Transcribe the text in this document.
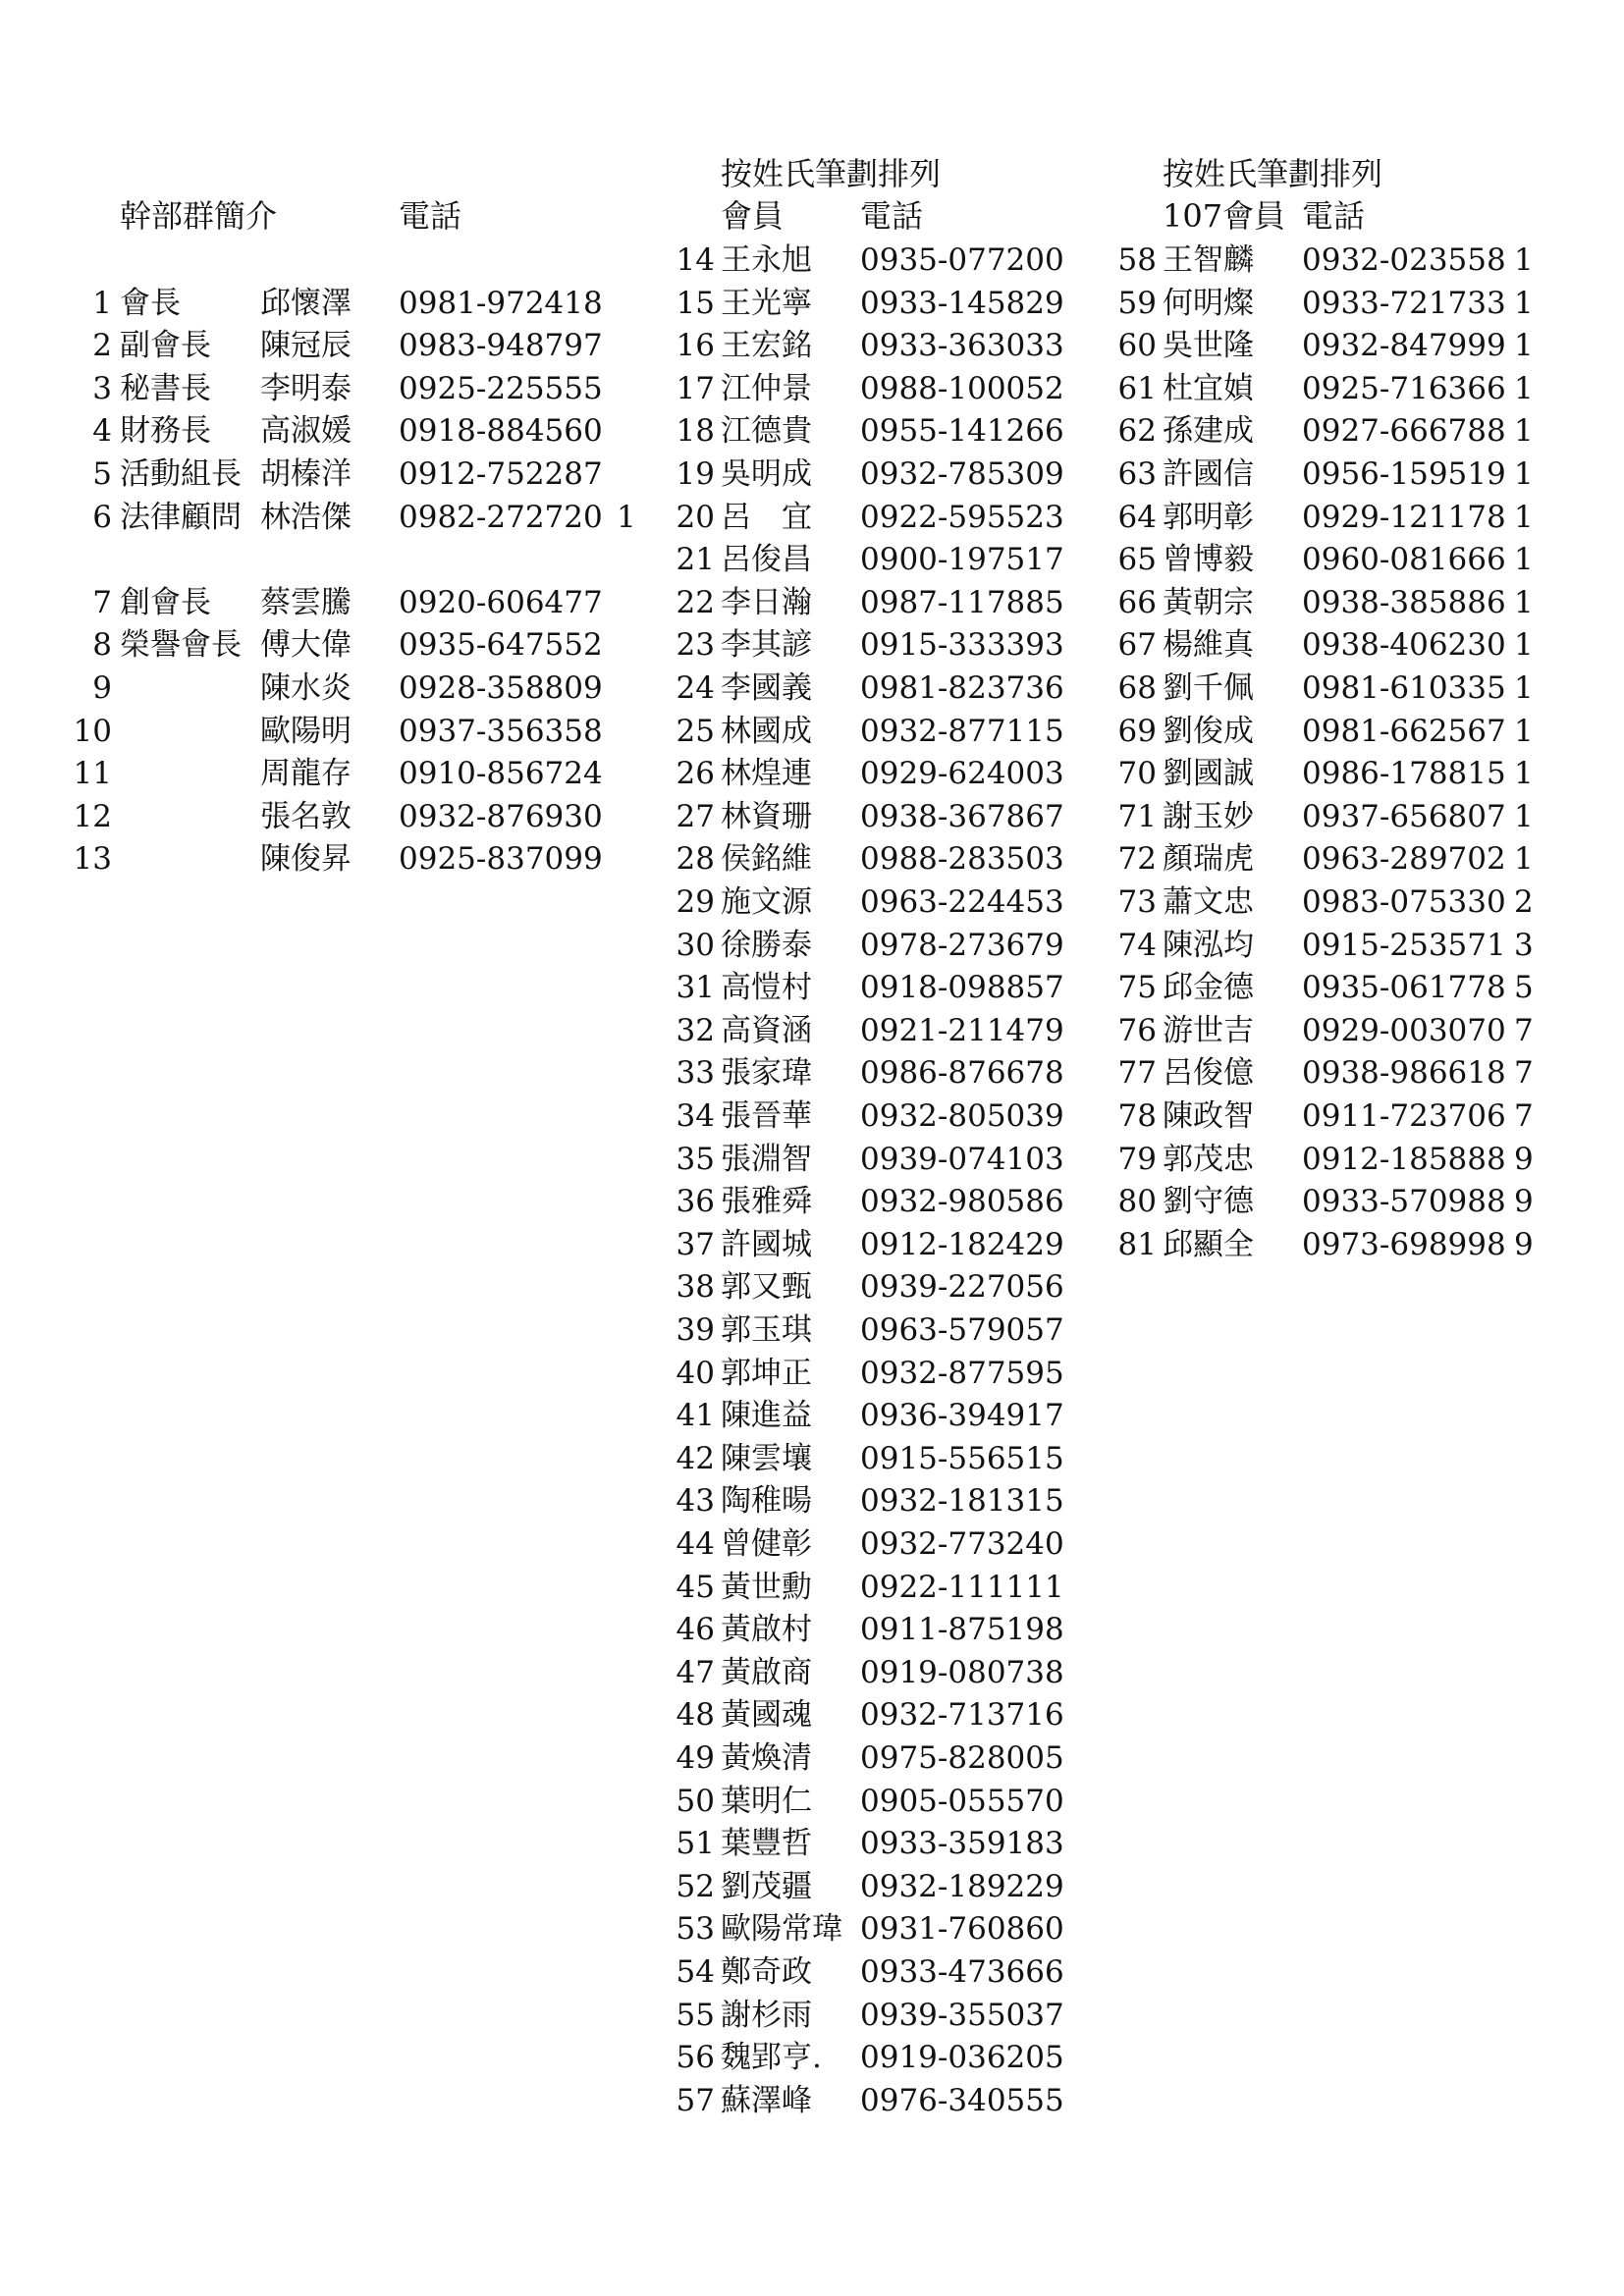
幹部群簡介	電話
1 會長	邱懷澤 0981-972418
2 副會長 陳冠辰 0983-948797
3 秘書長 李明泰 0925-225555
4 財務長 高淑媛 0918-884560
5 活動組長 胡榛洋 0912-752287
6 法律顧問 林浩傑 0982-272720 1
7 創會長 蔡雲騰 0920-606477
8 榮譽會長 傅大偉 0935-647552
9	陳水炎 0928-358809
10	歐陽明 0937-356358
11	周龍存 0910-856724
12	張名敦 0932-876930
13	陳俊昇 0925-837099
按姓氏筆劃排列
會員 電話
14 王永旭 0935-077200
15 王光寧 0933-145829
16 王宏銘 0933-363033
17 江仲景 0988-100052
18 江德貴 0955-141266
19 吳明成 0932-785309
20 呂　宜 0922-595523
21 呂俊昌 0900-197517
22 李日瀚 0987-117885
23 李其諺 0915-333393
24 李國義 0981-823736
25 林國成 0932-877115
26 林煌連 0929-624003
27 林資珊 0938-367867
28 侯銘維 0988-283503
29 施文源 0963-224453
30 徐勝泰 0978-273679
31 高愷村 0918-098857
32 高資涵 0921-211479
33 張家瑋 0986-876678
34 張晉華 0932-805039
35 張淵智 0939-074103
36 張雅舜 0932-980586
37 許國城 0912-182429
38 郭又甄 0939-227056
39 郭玉琪 0963-579057
40 郭坤正 0932-877595
41 陳進益 0936-394917
42 陳雲壤 0915-556515
43 陶稚暘 0932-181315
44 曾健彰 0932-773240
45 黃世勳 0922-111111
46 黃啟村 0911-875198
47 黃啟商 0919-080738
48 黃國魂 0932-713716
49 黃煥清 0975-828005
50 葉明仁 0905-055570
51 葉豐哲 0933-359183
52 劉茂疆 0932-189229
53 歐陽常瑋 0931-760860
54 鄭奇政 0933-473666
55 謝杉雨 0939-355037
56 魏郢亨. 0919-036205
57 蘇澤峰 0976-340555
按姓氏筆劃排列
107會員 電話
58 王智麟 0932-023558 1
59 何明燦 0933-721733 1
60 吳世隆 0932-847999 1
61 杜宜媜 0925-716366 1
62 孫建成 0927-666788 1
63 許國信 0956-159519 1
64 郭明彰 0929-121178 1
65 曾博毅 0960-081666 1
66 黃朝宗 0938-385886 1
67 楊維真 0938-406230 1
68 劉千佩 0981-610335 1
69 劉俊成 0981-662567 1
70 劉國誠 0986-178815 1
71 謝玉妙 0937-656807 1
72 顏瑞虎 0963-289702 1
73 蕭文忠 0983-075330 2
74 陳泓均 0915-253571 3
75 邱金德 0935-061778 5
76 游世吉 0929-003070 7
77 呂俊億 0938-986618 7
78 陳政智 0911-723706 7
79 郭茂忠 0912-185888 9
80 劉守德 0933-570988 9
81 邱顯全 0973-698998 9
